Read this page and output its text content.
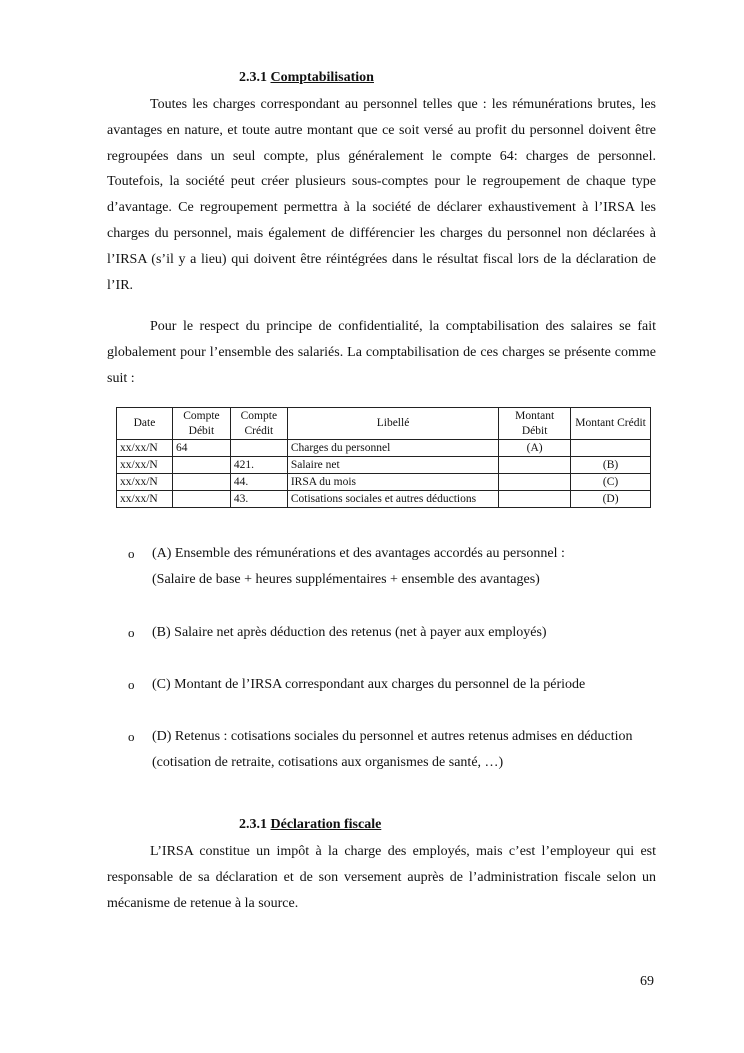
2.3.1 Comptabilisation

Toutes les charges correspondant au personnel telles que : les rémunérations brutes, les avantages en nature, et toute autre montant que ce soit versé au profit du personnel doivent être regroupées dans un seul compte, plus généralement le compte 64: charges de personnel. Toutefois, la société peut créer plusieurs sous-comptes pour le regroupement de chaque type d’avantage. Ce regroupement permettra à la société de déclarer exhaustivement à l’IRSA les charges du personnel, mais également de différencier les charges du personnel non déclarées à l’IRSA (s’il y a lieu) qui doivent être réintégrées dans le résultat fiscal lors de la déclaration de l’IR.

Pour le respect du principe de confidentialité, la comptabilisation des salaires se fait globalement pour l’ensemble des salariés. La comptabilisation de ces charges se présente comme suit :

Date	Compte Débit	Compte Crédit	Libellé	Montant Débit	Montant Crédit
xx/xx/N	64		Charges du personnel	(A)	
xx/xx/N		421.	Salaire net		(B)
xx/xx/N		44.	IRSA du mois		(C)
xx/xx/N		43.	Cotisations sociales et autres déductions		(D)
o (A) Ensemble des rémunérations et des avantages accordés au personnel :
(Salaire de base + heures supplémentaires + ensemble des avantages)
o (B) Salaire net après déduction des retenus (net à payer aux employés)
o (C) Montant de l’IRSA correspondant aux charges du personnel de la période
o (D) Retenus : cotisations sociales du personnel et autres retenus admises en déduction
(cotisation de retraite, cotisations aux organismes de santé, …)
2.3.1 Déclaration fiscale

L’IRSA constitue un impôt à la charge des employés, mais c’est l’employeur qui est responsable de sa déclaration et de son versement auprès de l’administration fiscale selon un mécanisme de retenue à la source.

69
